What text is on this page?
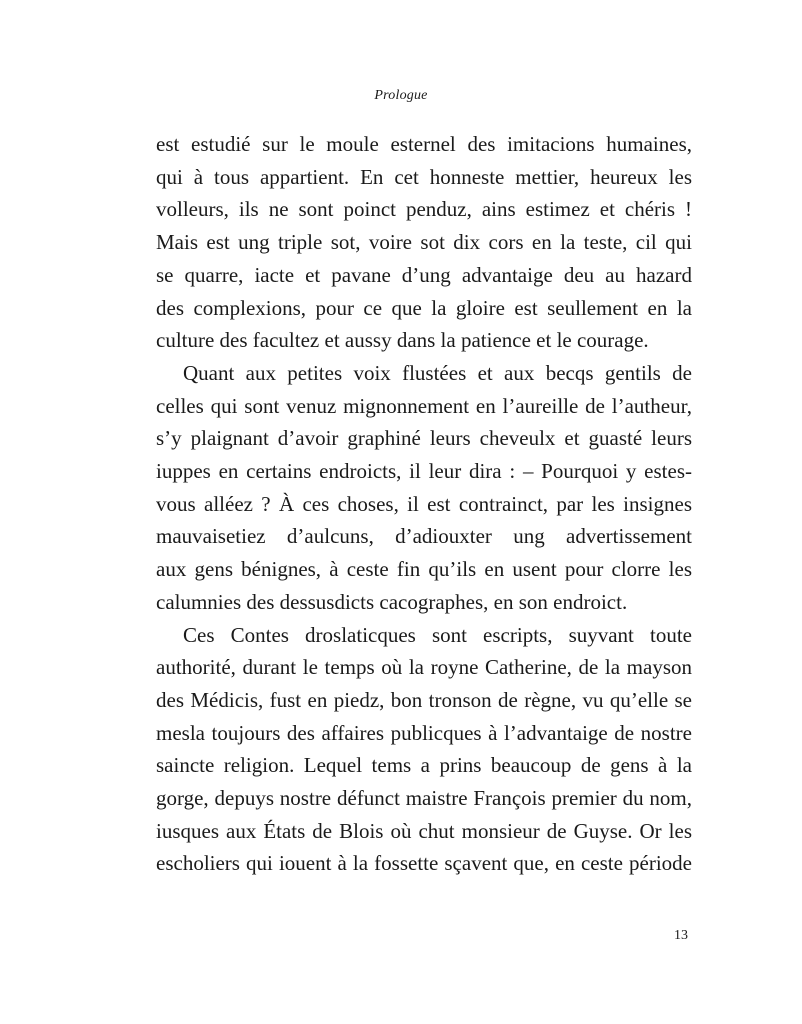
Prologue
est estudié sur le moule esternel des imitacions humaines,
qui à tous appartient. En cet honneste mettier, heureux les
volleurs, ils ne sont poinct penduz, ains estimez et chéris !
Mais est ung triple sot, voire sot dix cors en la teste, cil qui
se quarre, iacte et pavane d’ung advantaige deu au hazard
des complexions, pour ce que la gloire est seullement en la
culture des facultez et aussy dans la patience et le courage.
Quant aux petites voix flustées et aux becqs gentils de
celles qui sont venuz mignonnement en l’aureille de l’autheur,
s’y plaignant d’avoir graphiné leurs cheveulx et guasté leurs
iuppes en certains endroicts, il leur dira : – Pourquoi y estes-
vous alléez ? À ces choses, il est contrainct, par les insignes
mauvaisetiez d’aulcuns, d’adiouxter ung advertissement
aux gens bénignes, à ceste fin qu’ils en usent pour clorre les
calumnies des dessusdicts cacographes, en son endroict.
Ces Contes droslaticques sont escripts, suyvant toute
authorité, durant le temps où la royne Catherine, de la mayson
des Médicis, fust en piedz, bon tronson de règne, vu qu’elle se
mesla toujours des affaires publicques à l’advantaige de nostre
saincte religion. Lequel tems a prins beaucoup de gens à la
gorge, depuys nostre défunct maistre François premier du nom,
iusques aux États de Blois où chut monsieur de Guyse. Or les
escholiers qui iouent à la fossette sçavent que, en ceste période
13
